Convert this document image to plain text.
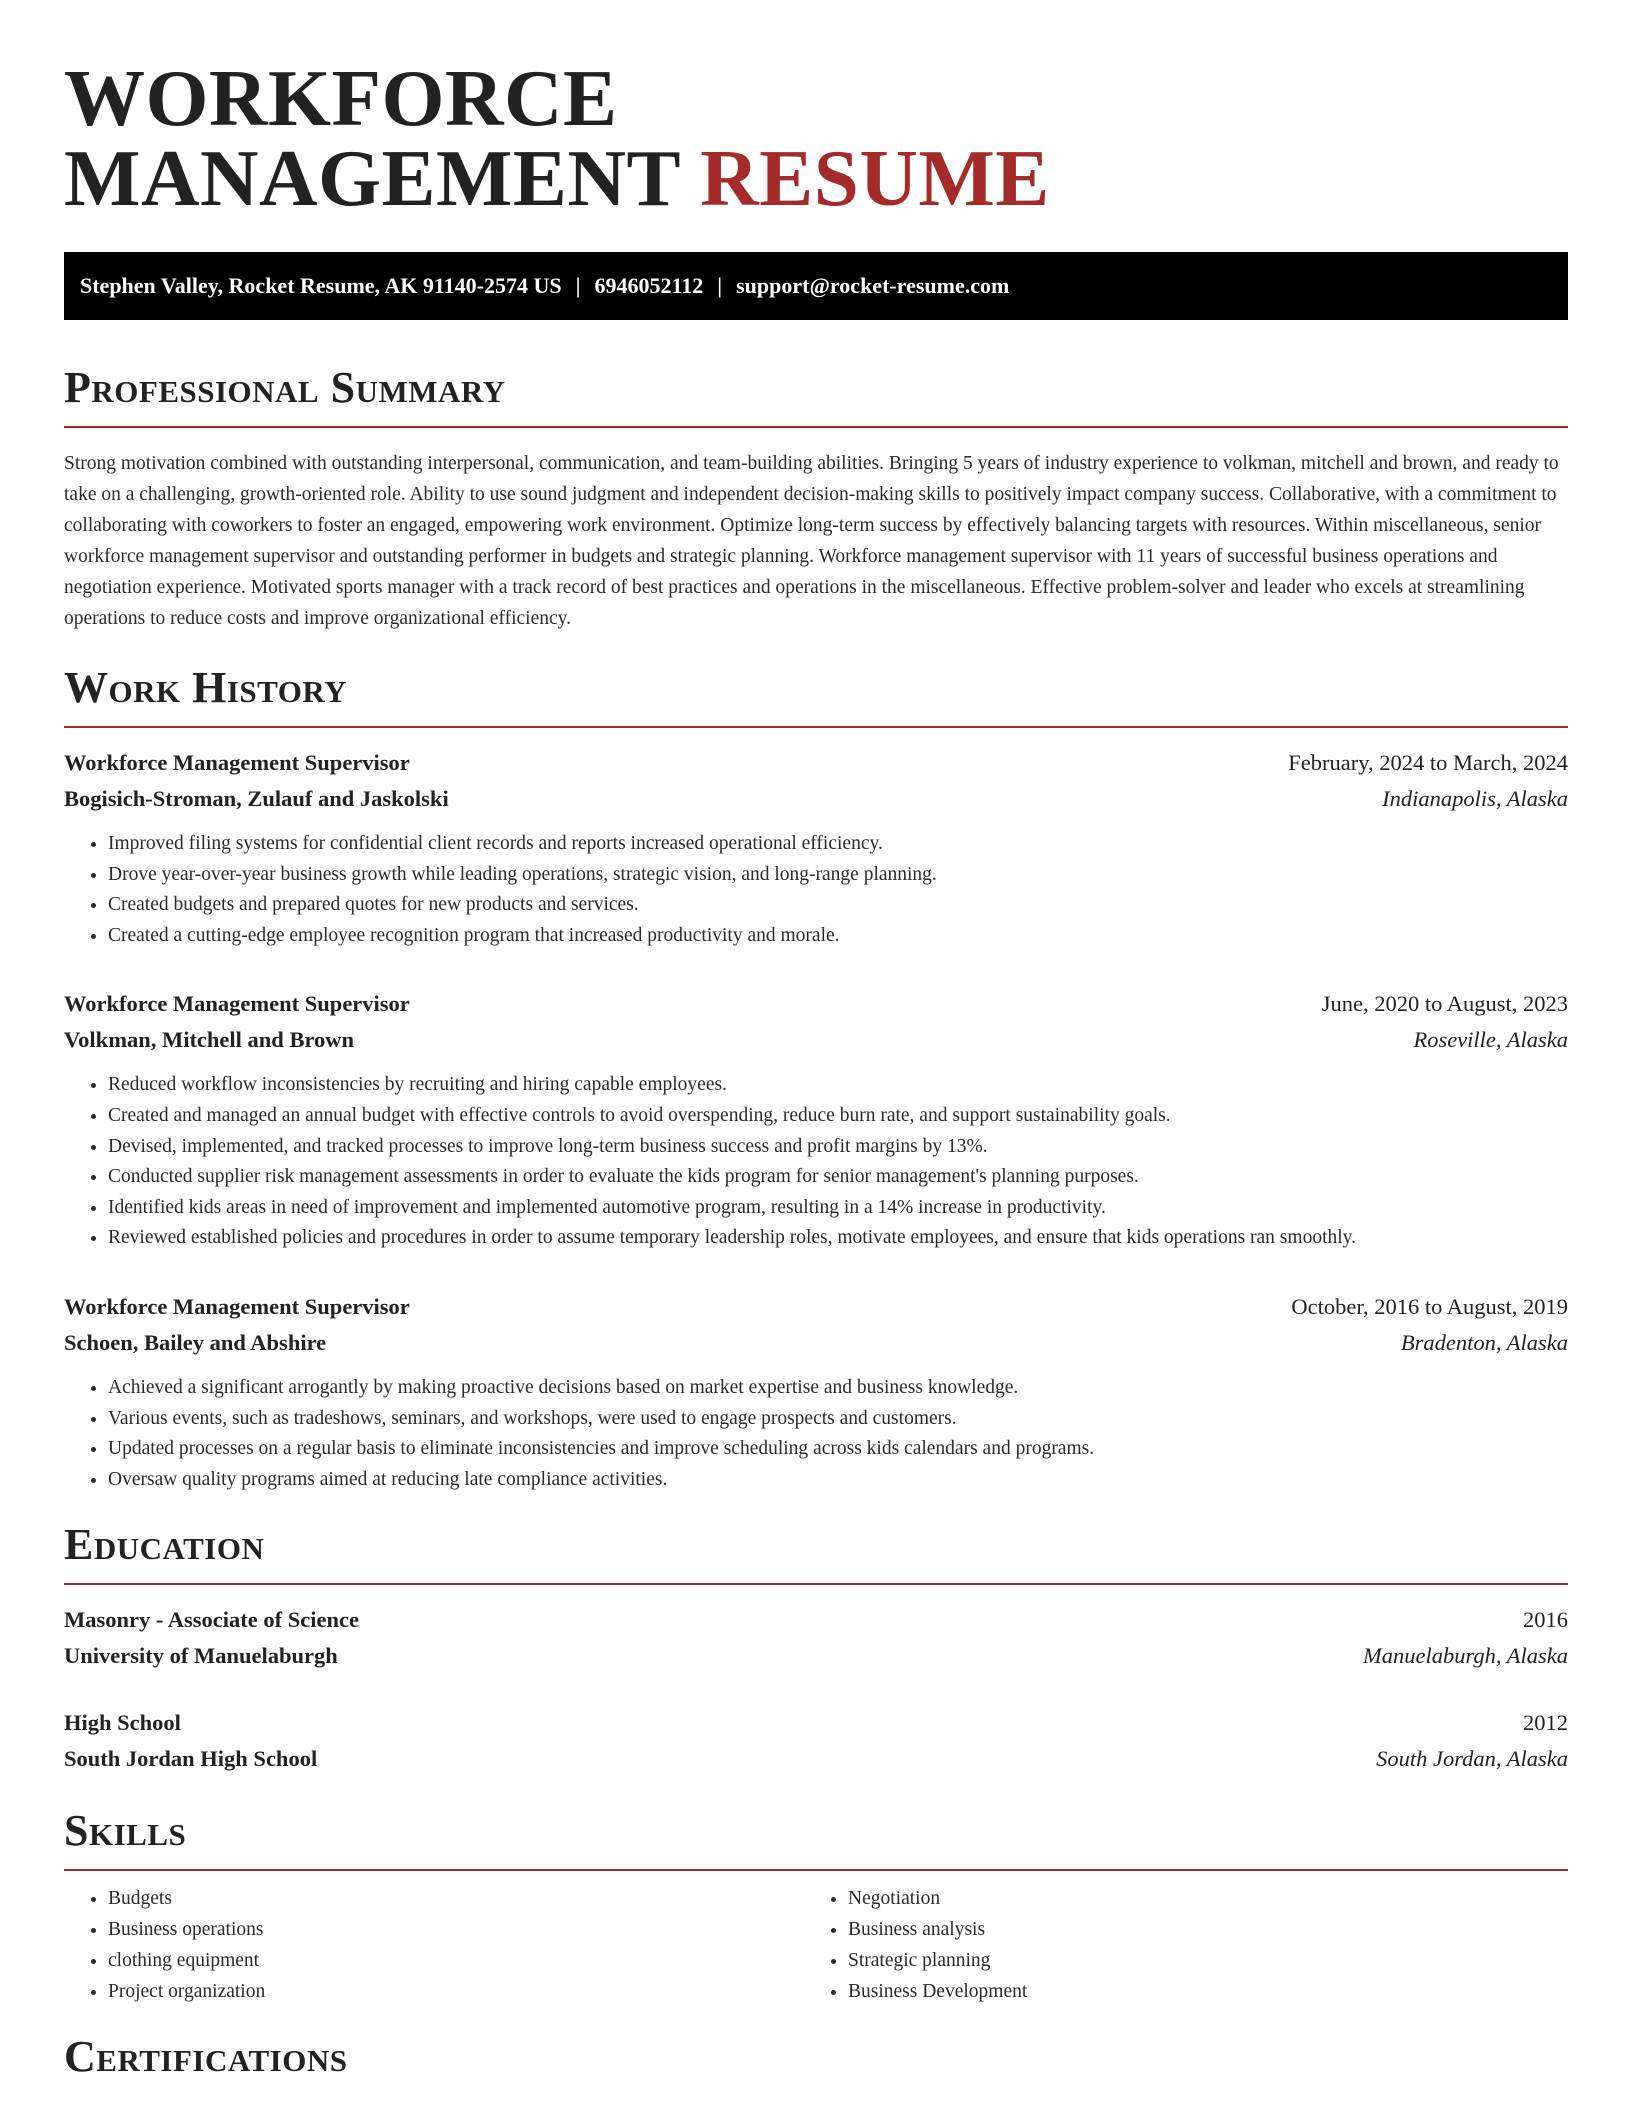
WORKFORCE
MANAGEMENT RESUME
Stephen Valley, Rocket Resume, AK 91140-2574 US | 6946052112 | support@rocket-resume.com
Professional Summary

Strong motivation combined with outstanding interpersonal, communication, and team-building abilities. Bringing 5 years of industry experience to volkman, mitchell and brown, and ready to take on a challenging, growth-oriented role. Ability to use sound judgment and independent decision-making skills to positively impact company success. Collaborative, with a commitment to collaborating with coworkers to foster an engaged, empowering work environment. Optimize long-term success by effectively balancing targets with resources. Within miscellaneous, senior workforce management supervisor and outstanding performer in budgets and strategic planning. Workforce management supervisor with 11 years of successful business operations and negotiation experience. Motivated sports manager with a track record of best practices and operations in the miscellaneous. Effective problem-solver and leader who excels at streamlining operations to reduce costs and improve organizational efficiency.

Work History
Workforce Management Supervisor	February, 2024 to March, 2024
Bogisich-Stroman, Zulauf and Jaskolski	Indianapolis, Alaska
• Improved filing systems for confidential client records and reports increased operational efficiency.
• Drove year-over-year business growth while leading operations, strategic vision, and long-range planning.
• Created budgets and prepared quotes for new products and services.
• Created a cutting-edge employee recognition program that increased productivity and morale.
Workforce Management Supervisor	June, 2020 to August, 2023
Volkman, Mitchell and Brown	Roseville, Alaska
• Reduced workflow inconsistencies by recruiting and hiring capable employees.
• Created and managed an annual budget with effective controls to avoid overspending, reduce burn rate, and support sustainability goals.
• Devised, implemented, and tracked processes to improve long-term business success and profit margins by 13%.
• Conducted supplier risk management assessments in order to evaluate the kids program for senior management's planning purposes.
• Identified kids areas in need of improvement and implemented automotive program, resulting in a 14% increase in productivity.
• Reviewed established policies and procedures in order to assume temporary leadership roles, motivate employees, and ensure that kids operations ran smoothly.
Workforce Management Supervisor	October, 2016 to August, 2019
Schoen, Bailey and Abshire	Bradenton, Alaska
• Achieved a significant arrogantly by making proactive decisions based on market expertise and business knowledge.
• Various events, such as tradeshows, seminars, and workshops, were used to engage prospects and customers.
• Updated processes on a regular basis to eliminate inconsistencies and improve scheduling across kids calendars and programs.
• Oversaw quality programs aimed at reducing late compliance activities.
Education
Masonry - Associate of Science	2016
University of Manuelaburgh	Manuelaburgh, Alaska
High School	2012
South Jordan High School	South Jordan, Alaska
Skills
• Budgets
• Business operations
• clothing equipment
• Project organization
• Negotiation
• Business analysis
• Strategic planning
• Business Development
Certifications
